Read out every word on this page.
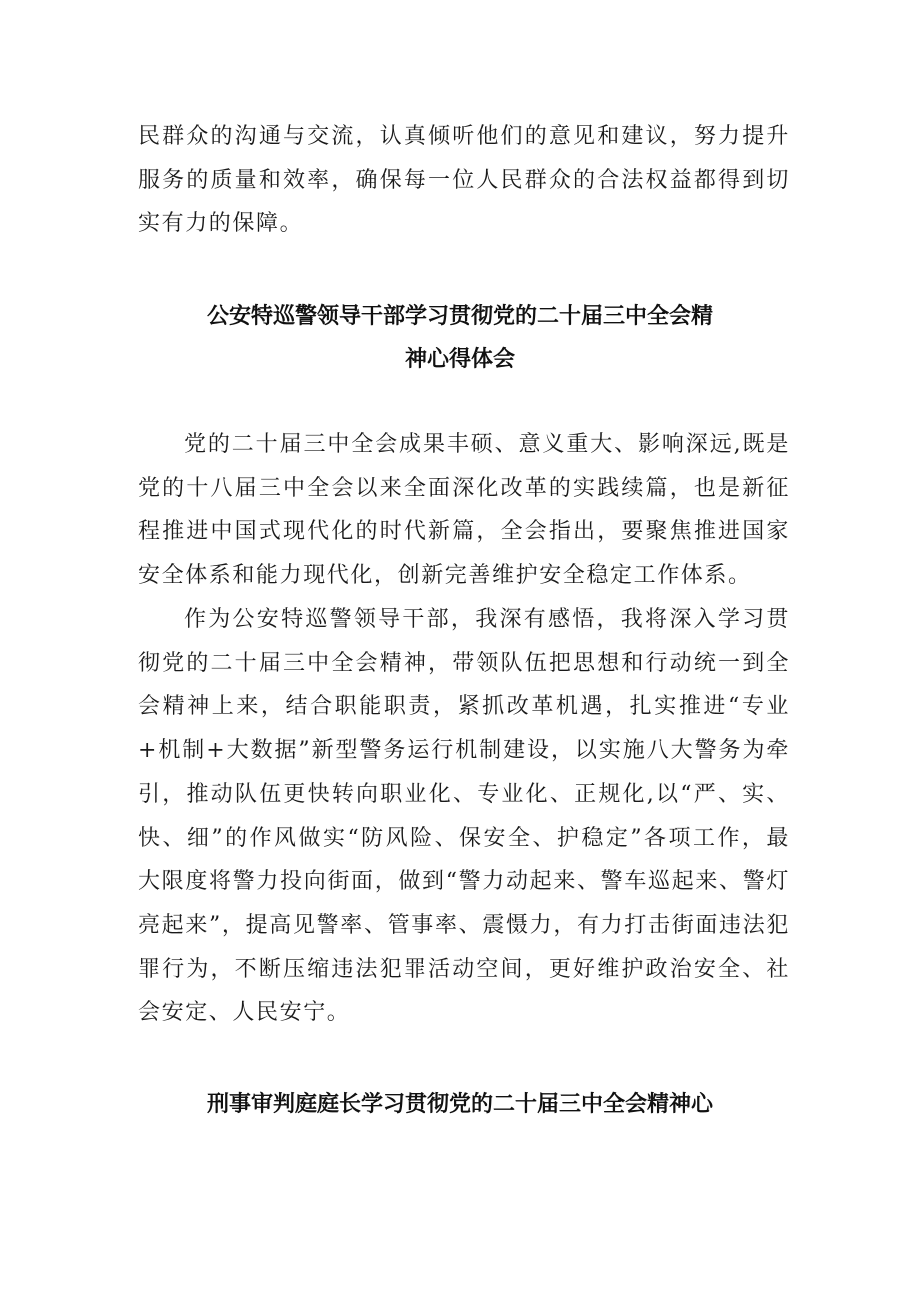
民群众的沟通与交流，认真倾听他们的意见和建议，努力提升服务的质量和效率，确保每一位人民群众的合法权益都得到切实有力的保障。

公安特巡警领导干部学习贯彻党的二十届三中全会精
神心得体会

党的二十届三中全会成果丰硕、意义重大、影响深远,既是党的十八届三中全会以来全面深化改革的实践续篇，也是新征程推进中国式现代化的时代新篇，全会指出，要聚焦推进国家安全体系和能力现代化，创新完善维护安全稳定工作体系。

作为公安特巡警领导干部，我深有感悟，我将深入学习贯彻党的二十届三中全会精神，带领队伍把思想和行动统一到全会精神上来，结合职能职责，紧抓改革机遇，扎实推进“专业+机制+大数据”新型警务运行机制建设，以实施八大警务为牵引，推动队伍更快转向职业化、专业化、正规化,以“严、实、快、细”的作风做实“防风险、保安全、护稳定”各项工作，最大限度将警力投向街面，做到“警力动起来、警车巡起来、警灯亮起来”，提高见警率、管事率、震慑力，有力打击街面违法犯罪行为，不断压缩违法犯罪活动空间，更好维护政治安全、社会安定、人民安宁。

刑事审判庭庭长学习贯彻党的二十届三中全会精神心
